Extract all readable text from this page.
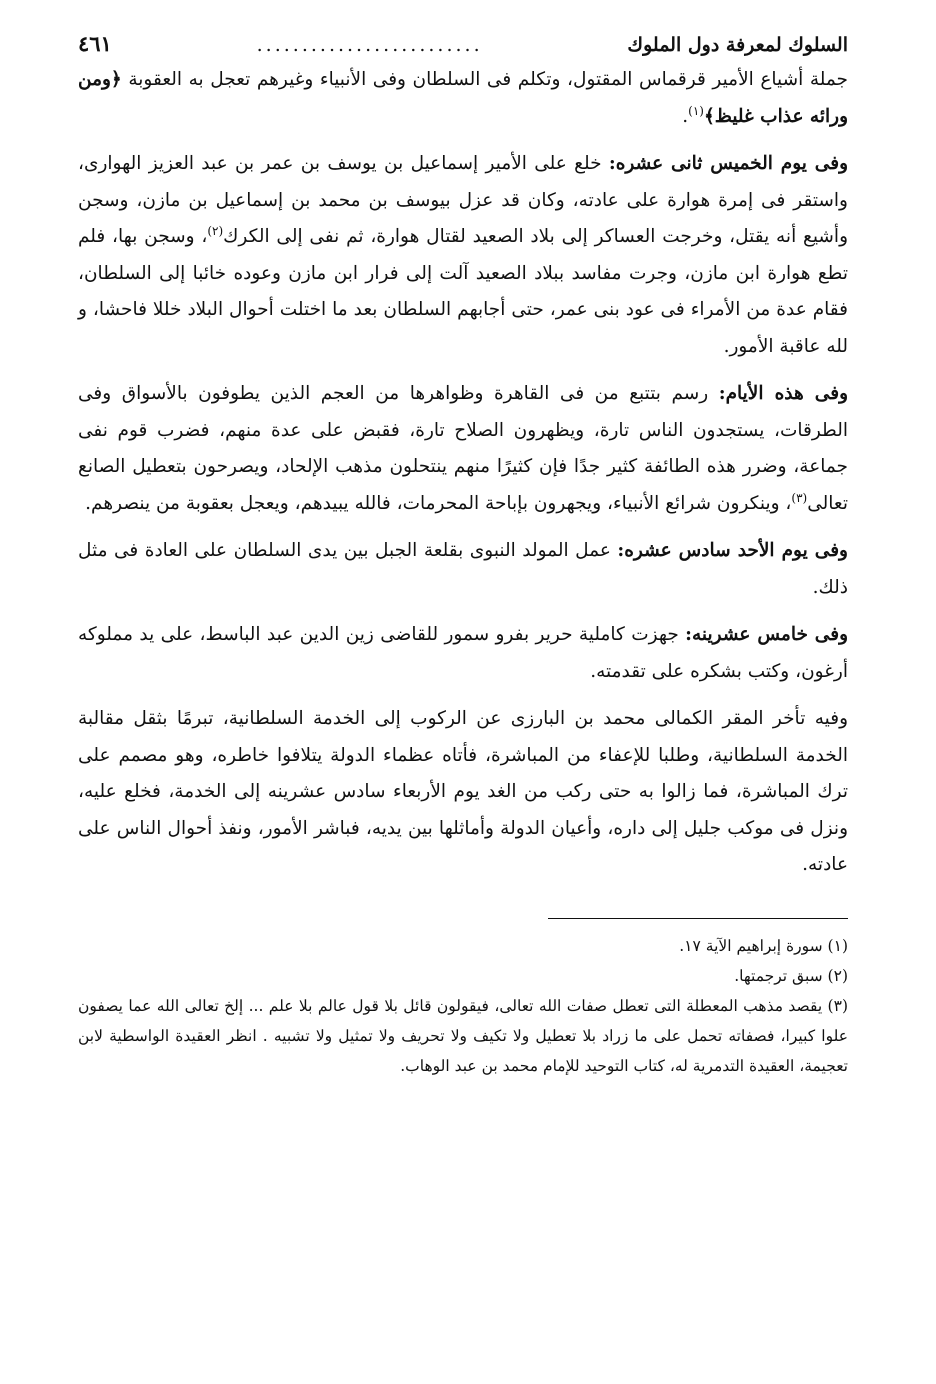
السلوك لمعرفة دول الملوك
.........................
٤٦١

جملة أشياع الأمير قرقماس المقتول، وتكلم فى السلطان وفى الأنبياء وغيرهم تعجل به العقوبة ﴿ومن ورائه عذاب غليظ﴾$^{(١)}$.

وفى يوم الخميس ثانى عشره: خلع على الأمير إسماعيل بن يوسف بن عمر بن عبد العزيز الهوارى، واستقر فى إمرة هوارة على عادته، وكان قد عزل بيوسف بن محمد بن إسماعيل بن مازن، وسجن وأشيع أنه يقتل، وخرجت العساكر إلى بلاد الصعيد لقتال هوارة، ثم نفى إلى الكرك$^{(٢)}$، وسجن بها، فلم تطع هوارة ابن مازن، وجرت مفاسد ببلاد الصعيد آلت إلى فرار ابن مازن وعوده خائبا إلى السلطان، فقام عدة من الأمراء فى عود بنى عمر، حتى أجابهم السلطان بعد ما اختلت أحوال البلاد خللا فاحشا، و لله عاقبة الأمور.

وفى هذه الأيام: رسم بتتبع من فى القاهرة وظواهرها من العجم الذين يطوفون بالأسواق وفى الطرقات، يستجدون الناس تارة، ويظهرون الصلاح تارة، فقبض على عدة منهم، فضرب قوم نفى جماعة، وضرر هذه الطائفة كثير جدًا فإن كثيرًا منهم ينتحلون مذهب الإلحاد، ويصرحون بتعطيل الصانع تعالى$^{(٣)}$، وينكرون شرائع الأنبياء، ويجهرون بإباحة المحرمات، فالله يبيدهم، ويعجل بعقوبة من ينصرهم.

وفى يوم الأحد سادس عشره: عمل المولد النبوى بقلعة الجبل بين يدى السلطان على العادة فى مثل ذلك.

وفى خامس عشرينه: جهزت كاملية حرير بفرو سمور للقاضى زين الدين عبد الباسط، على يد مملوكه أرغون، وكتب بشكره على تقدمته.

وفيه تأخر المقر الكمالى محمد بن البارزى عن الركوب إلى الخدمة السلطانية، تبرمًا بثقل مقالبة الخدمة السلطانية، وطلبا للإعفاء من المباشرة، فأتاه عظماء الدولة يتلافوا خاطره، وهو مصمم على ترك المباشرة، فما زالوا به حتى ركب من الغد يوم الأربعاء سادس عشرينه إلى الخدمة، فخلع عليه، ونزل فى موكب جليل إلى داره، وأعيان الدولة وأماثلها بين يديه، فباشر الأمور، ونفذ أحوال الناس على عادته.

(١) سورة إبراهيم الآية ١٧.

(٢) سبق ترجمتها.

(٣) يقصد مذهب المعطلة التى تعطل صفات الله تعالى، فيقولون قائل بلا قول عالم بلا علم ... إلخ تعالى الله عما يصفون علوا كبيرا، فصفاته تحمل على ما زراد بلا تعطيل ولا تكيف ولا تحريف ولا تمثيل ولا تشبيه . انظر العقيدة الواسطية لابن تعجيمة، العقيدة التدمرية له، كتاب التوحيد للإمام محمد بن عبد الوهاب.
